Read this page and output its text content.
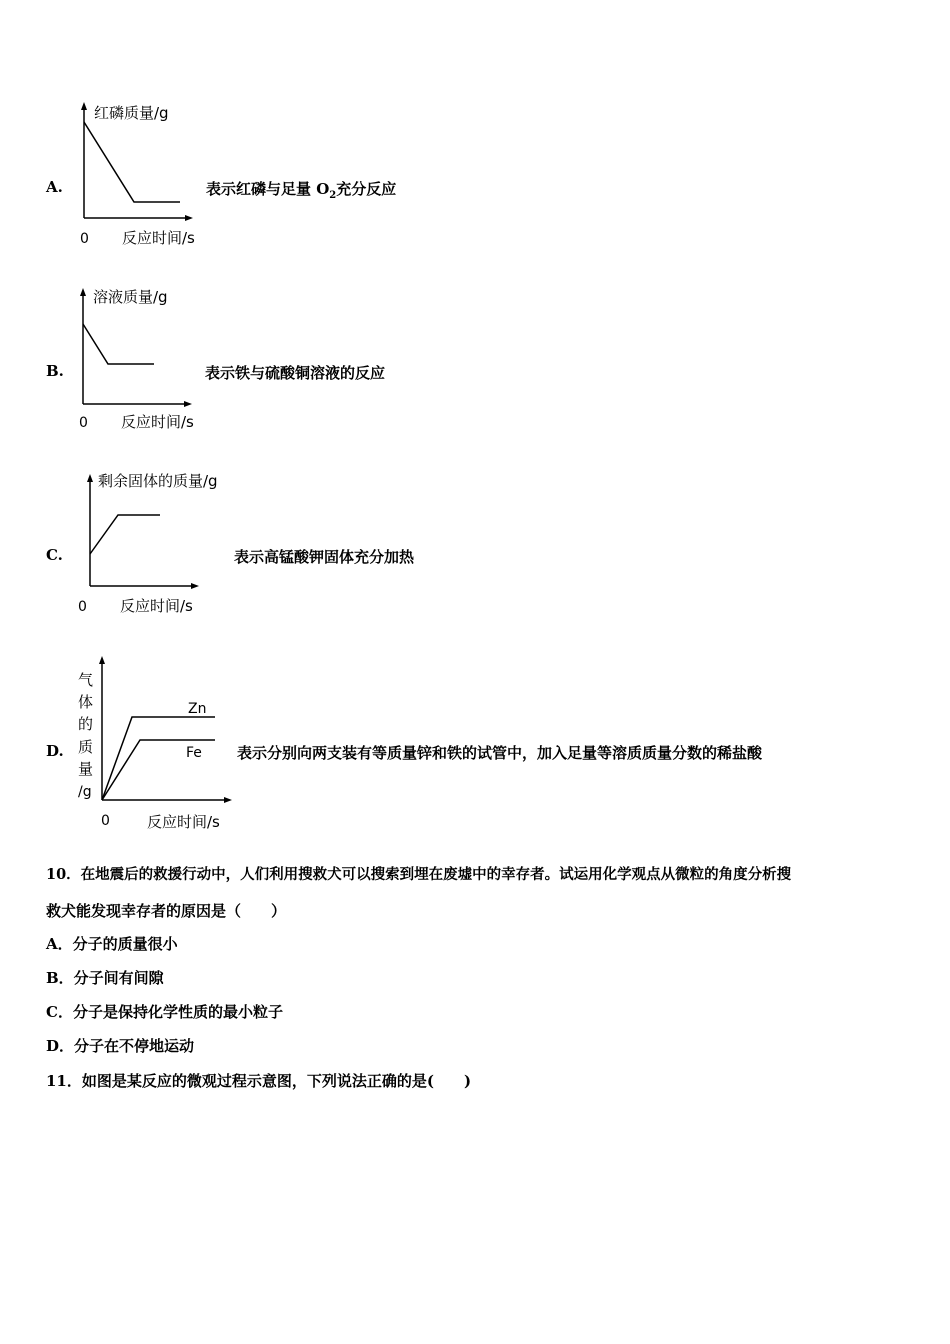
A.
红磷质量/g
0 反应时间/s
表示红磷与足量 $O_2$充分反应
B.
溶液质量/g
0 反应时间/s
表示铁与硫酸铜溶液的反应
C.
剩余固体的质量/g
0 反应时间/s
表示高锰酸钾固体充分加热
D.
Zn
Fe
气
体
的
质
量
/g
0 反应时间/s
表示分别向两支装有等质量锌和铁的试管中，加入足量等溶质质量分数的稀盐酸
10．在地震后的救援行动中，人们利用搜救犬可以搜索到埋在废墟中的幸存者。试运用化学观点从微粒的角度分析搜
救犬能发现幸存者的原因是（　　）
A．分子的质量很小
B．分子间有间隙
C．分子是保持化学性质的最小粒子
D．分子在不停地运动
11．如图是某反应的微观过程示意图，下列说法正确的是(　　)
